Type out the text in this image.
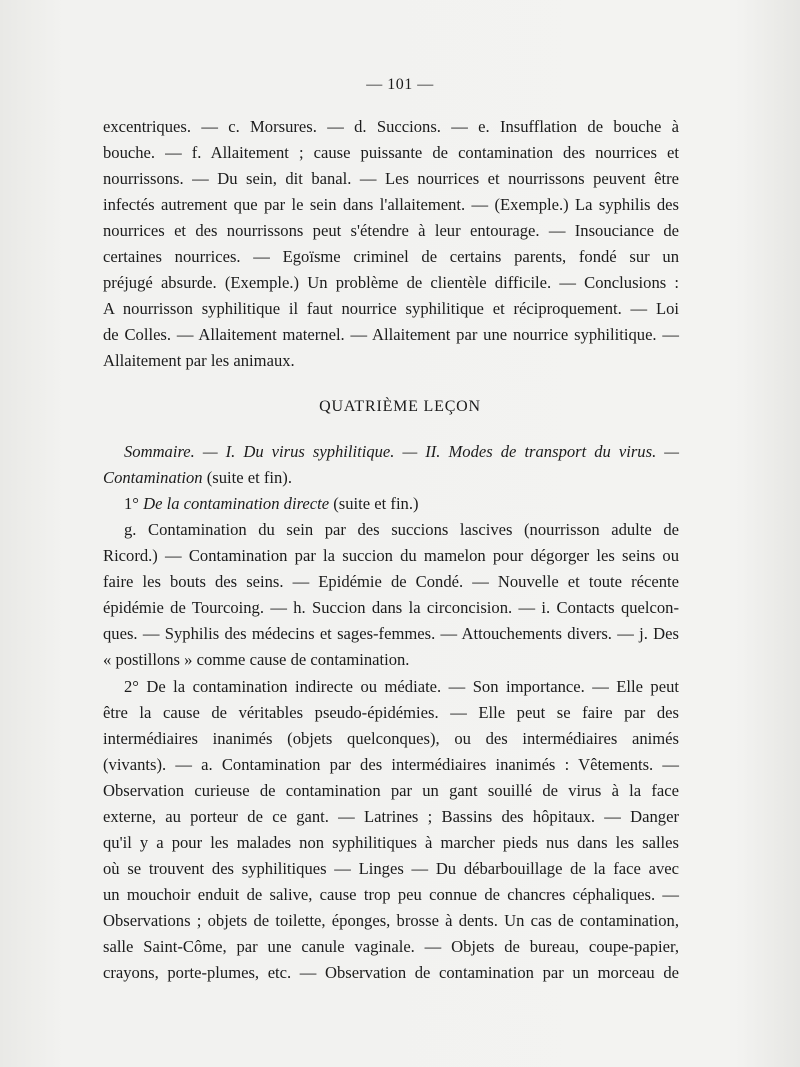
— 101 —
excentriques. — c. Morsures. — d. Succions. — e. Insufflation de bouche à
bouche. — f. Allaitement ; cause puissante de contamination des nourrices et
nourrissons. — Du sein, dit banal. — Les nourrices et nourrissons peuvent être
infectés autrement que par le sein dans l'allaitement. — (Exemple.) La syphilis des
nourrices et des nourrissons peut s'étendre à leur entourage. — Insouciance de
certaines nourrices. — Egoïsme criminel de certains parents, fondé sur un
préjugé absurde. (Exemple.) Un problème de clientèle difficile. — Conclusions :
A nourrisson syphilitique il faut nourrice syphilitique et réciproquement. — Loi
de Colles. — Allaitement maternel. — Allaitement par une nourrice syphilitique. —
Allaitement par les animaux.
QUATRIÈME LEÇON
Sommaire. — I. Du virus syphilitique. — II. Modes de transport du virus. —
Contamination (suite et fin).
1° De la contamination directe (suite et fin.)
g. Contamination du sein par des succions lascives (nourrisson adulte de
Ricord.) — Contamination par la succion du mamelon pour dégorger les seins ou
faire les bouts des seins. — Epidémie de Condé. — Nouvelle et toute récente
épidémie de Tourcoing. — h. Succion dans la circoncision. — i. Contacts quelcon-
ques. — Syphilis des médecins et sages-femmes. — Attouchements divers. — j. Des
« postillons » comme cause de contamination.
2° De la contamination indirecte ou médiate. — Son importance. — Elle peut
être la cause de véritables pseudo-épidémies. — Elle peut se faire par des
intermédiaires inanimés (objets quelconques), ou des intermédiaires animés
(vivants). — a. Contamination par des intermédiaires inanimés : Vêtements. —
Observation curieuse de contamination par un gant souillé de virus à la face
externe, au porteur de ce gant. — Latrines ; Bassins des hôpitaux. — Danger
qu'il y a pour les malades non syphilitiques à marcher pieds nus dans les salles
où se trouvent des syphilitiques — Linges — Du débarbouillage de la face avec
un mouchoir enduit de salive, cause trop peu connue de chancres céphaliques. —
Observations ; objets de toilette, éponges, brosse à dents. Un cas de contamination,
salle Saint-Côme, par une canule vaginale. — Objets de bureau, coupe-papier,
crayons, porte-plumes, etc. — Observation de contamination par un morceau de
